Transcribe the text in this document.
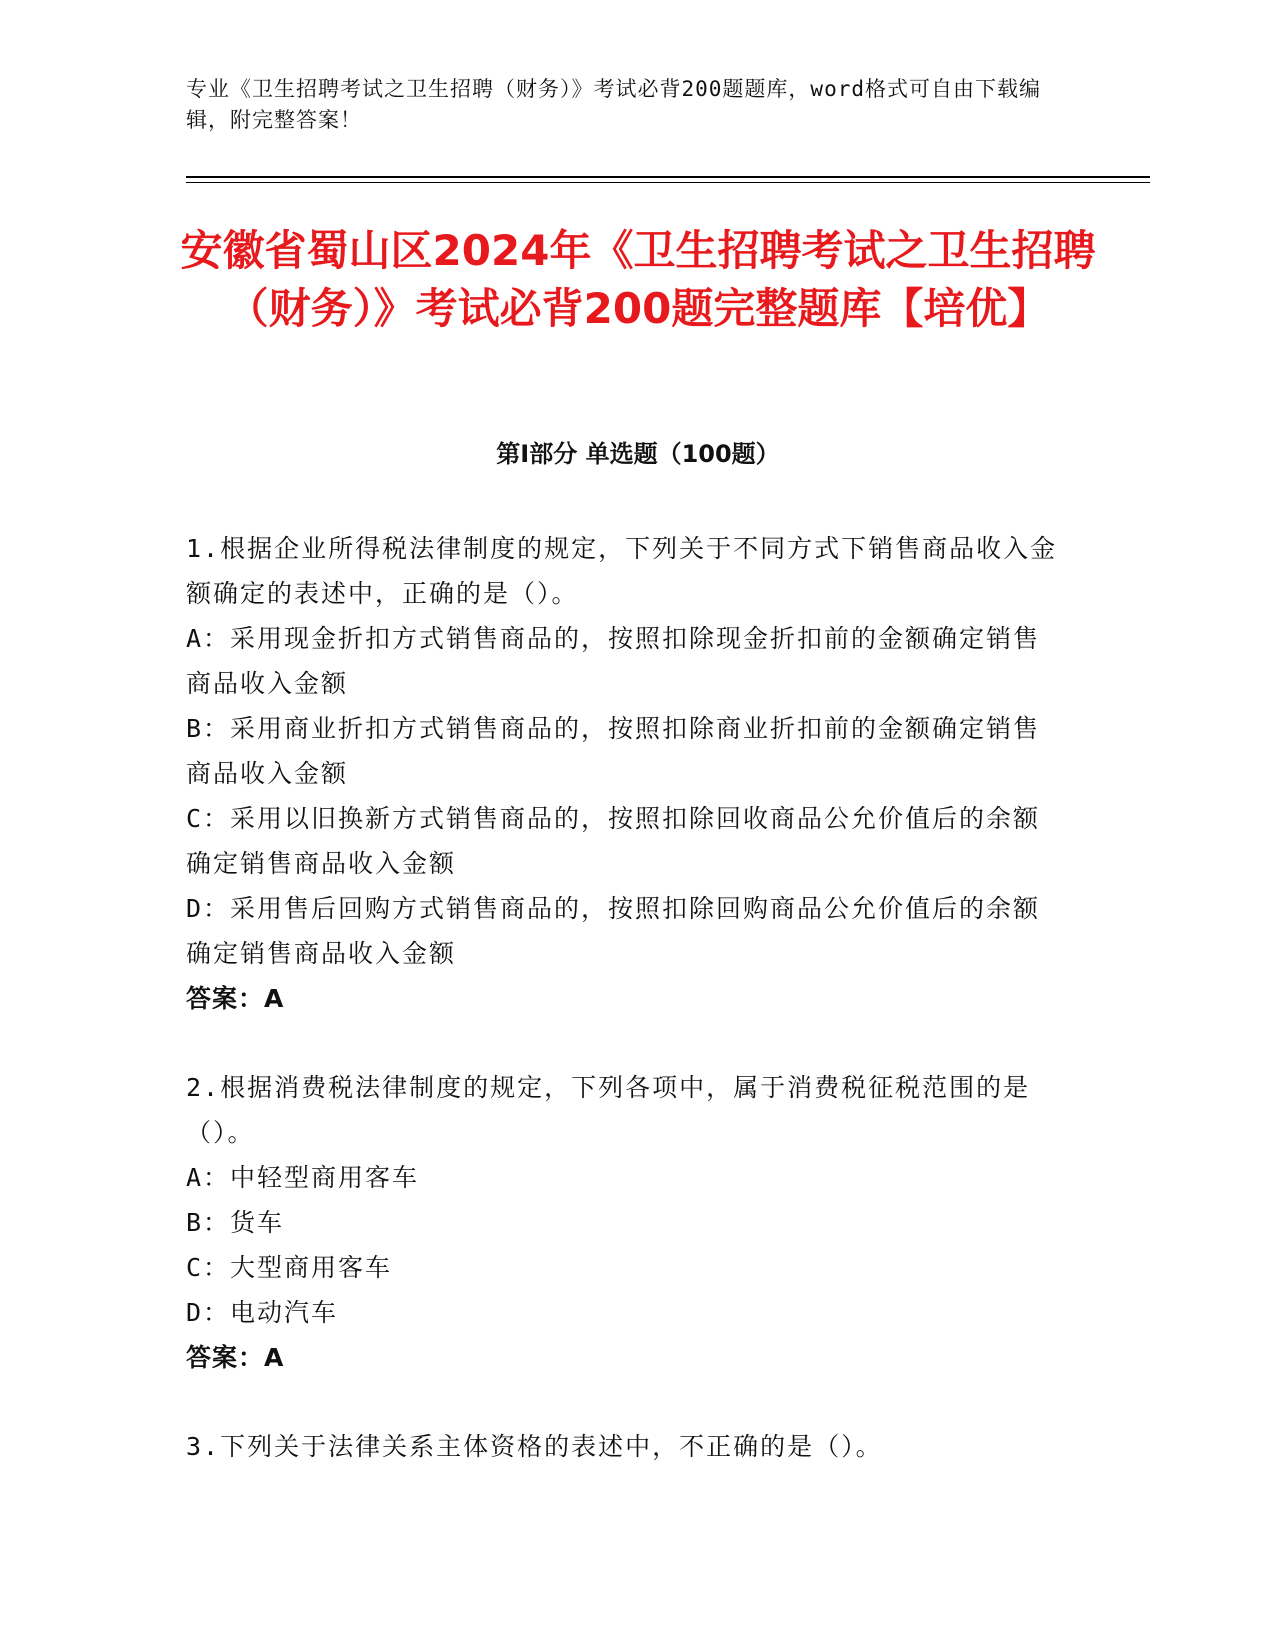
专业《卫生招聘考试之卫生招聘（财务）》考试必背200题题库，word格式可自由下载编辑，附完整答案！
安徽省蜀山区2024年《卫生招聘考试之卫生招聘（财务）》考试必背200题完整题库【培优】
第Ⅰ部分 单选题（100题）

1.根据企业所得税法律制度的规定，下列关于不同方式下销售商品收入金额确定的表述中，正确的是（）。

A：采用现金折扣方式销售商品的，按照扣除现金折扣前的金额确定销售商品收入金额

B：采用商业折扣方式销售商品的，按照扣除商业折扣前的金额确定销售商品收入金额

C：采用以旧换新方式销售商品的，按照扣除回收商品公允价值后的余额确定销售商品收入金额

D：采用售后回购方式销售商品的，按照扣除回购商品公允价值后的余额确定销售商品收入金额

答案：A

2.根据消费税法律制度的规定，下列各项中，属于消费税征税范围的是（）。

A：中轻型商用客车

B：货车

C：大型商用客车

D：电动汽车

答案：A

3.下列关于法律关系主体资格的表述中，不正确的是（）。
